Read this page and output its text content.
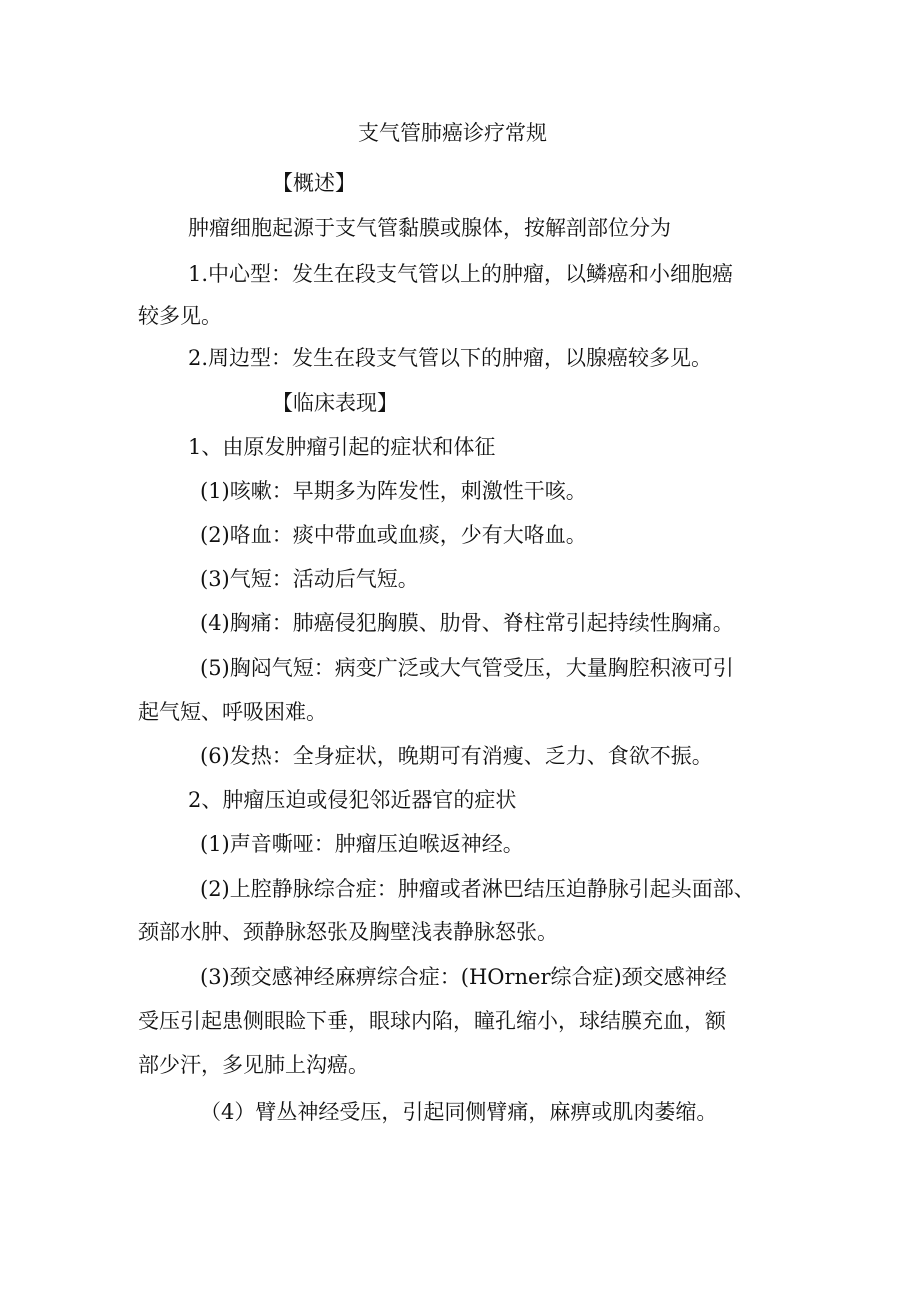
支气管肺癌诊疗常规

【概述】

肿瘤细胞起源于支气管黏膜或腺体，按解剖部位分为

1.中心型：发生在段支气管以上的肿瘤，以鳞癌和小细胞癌

较多见。

2.周边型：发生在段支气管以下的肿瘤，以腺癌较多见。

【临床表现】

1、由原发肿瘤引起的症状和体征

(1)咳嗽：早期多为阵发性，刺激性干咳。

(2)咯血：痰中带血或血痰，少有大咯血。

(3)气短：活动后气短。

(4)胸痛：肺癌侵犯胸膜、肋骨、脊柱常引起持续性胸痛。

(5)胸闷气短：病变广泛或大气管受压，大量胸腔积液可引

起气短、呼吸困难。

(6)发热：全身症状，晚期可有消瘦、乏力、食欲不振。

2、肿瘤压迫或侵犯邻近器官的症状

(1)声音嘶哑：肿瘤压迫喉返神经。

(2)上腔静脉综合症：肿瘤或者淋巴结压迫静脉引起头面部、

颈部水肿、颈静脉怒张及胸壁浅表静脉怒张。

(3)颈交感神经麻痹综合症：(HOrner综合症)颈交感神经

受压引起患侧眼睑下垂，眼球内陷，瞳孔缩小，球结膜充血，额

部少汗，多见肺上沟癌。

（4）臂丛神经受压，引起同侧臂痛，麻痹或肌肉萎缩。
